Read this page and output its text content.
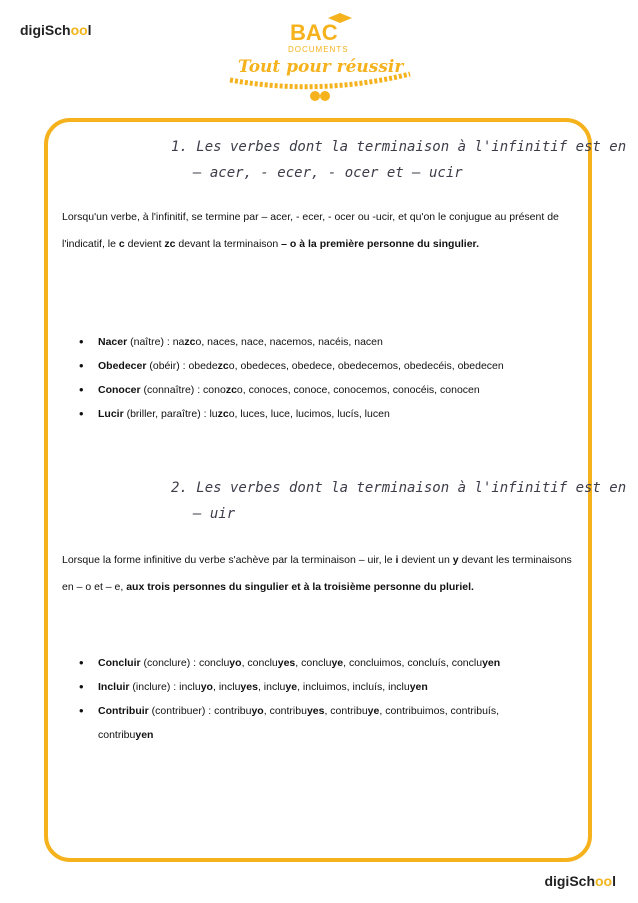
digiSchool	BAC
DOCUMENTS
Tout pour réussir
1. Les verbes dont la terminaison à l'infinitif est en
– acer, - ecer, - ocer et – ucir
Lorsqu'un verbe, à l'infinitif, se termine par – acer, - ecer, - ocer ou -ucir, et qu'on le conjugue au présent de l'indicatif, le c devient zc devant la terminaison – o à la première personne du singulier.
• Nacer (naître) : nazco, naces, nace, nacemos, nacéis, nacen
• Obedecer (obéir) : obedezco, obedeces, obedece, obedecemos, obedecéis, obedecen
• Conocer (connaître) : conozco, conoces, conoce, conocemos, conocéis, conocen
• Lucir (briller, paraître) : luzco, luces, luce, lucimos, lucís, lucen
2. Les verbes dont la terminaison à l'infinitif est en
– uir
Lorsque la forme infinitive du verbe s'achève par la terminaison – uir, le i devient un y devant les terminaisons en – o et – e, aux trois personnes du singulier et à la troisième personne du pluriel.
• Concluir (conclure) : concluyo, concluyes, concluye, concluimos, concluís, concluyen
• Incluir (inclure) : incluyo, incluyes, incluye, incluimos, incluís, incluyen
• Contribuir (contribuer) : contribuyo, contribuyes, contribuye, contribuimos, contribuís,
contribuyen
digiSchool
